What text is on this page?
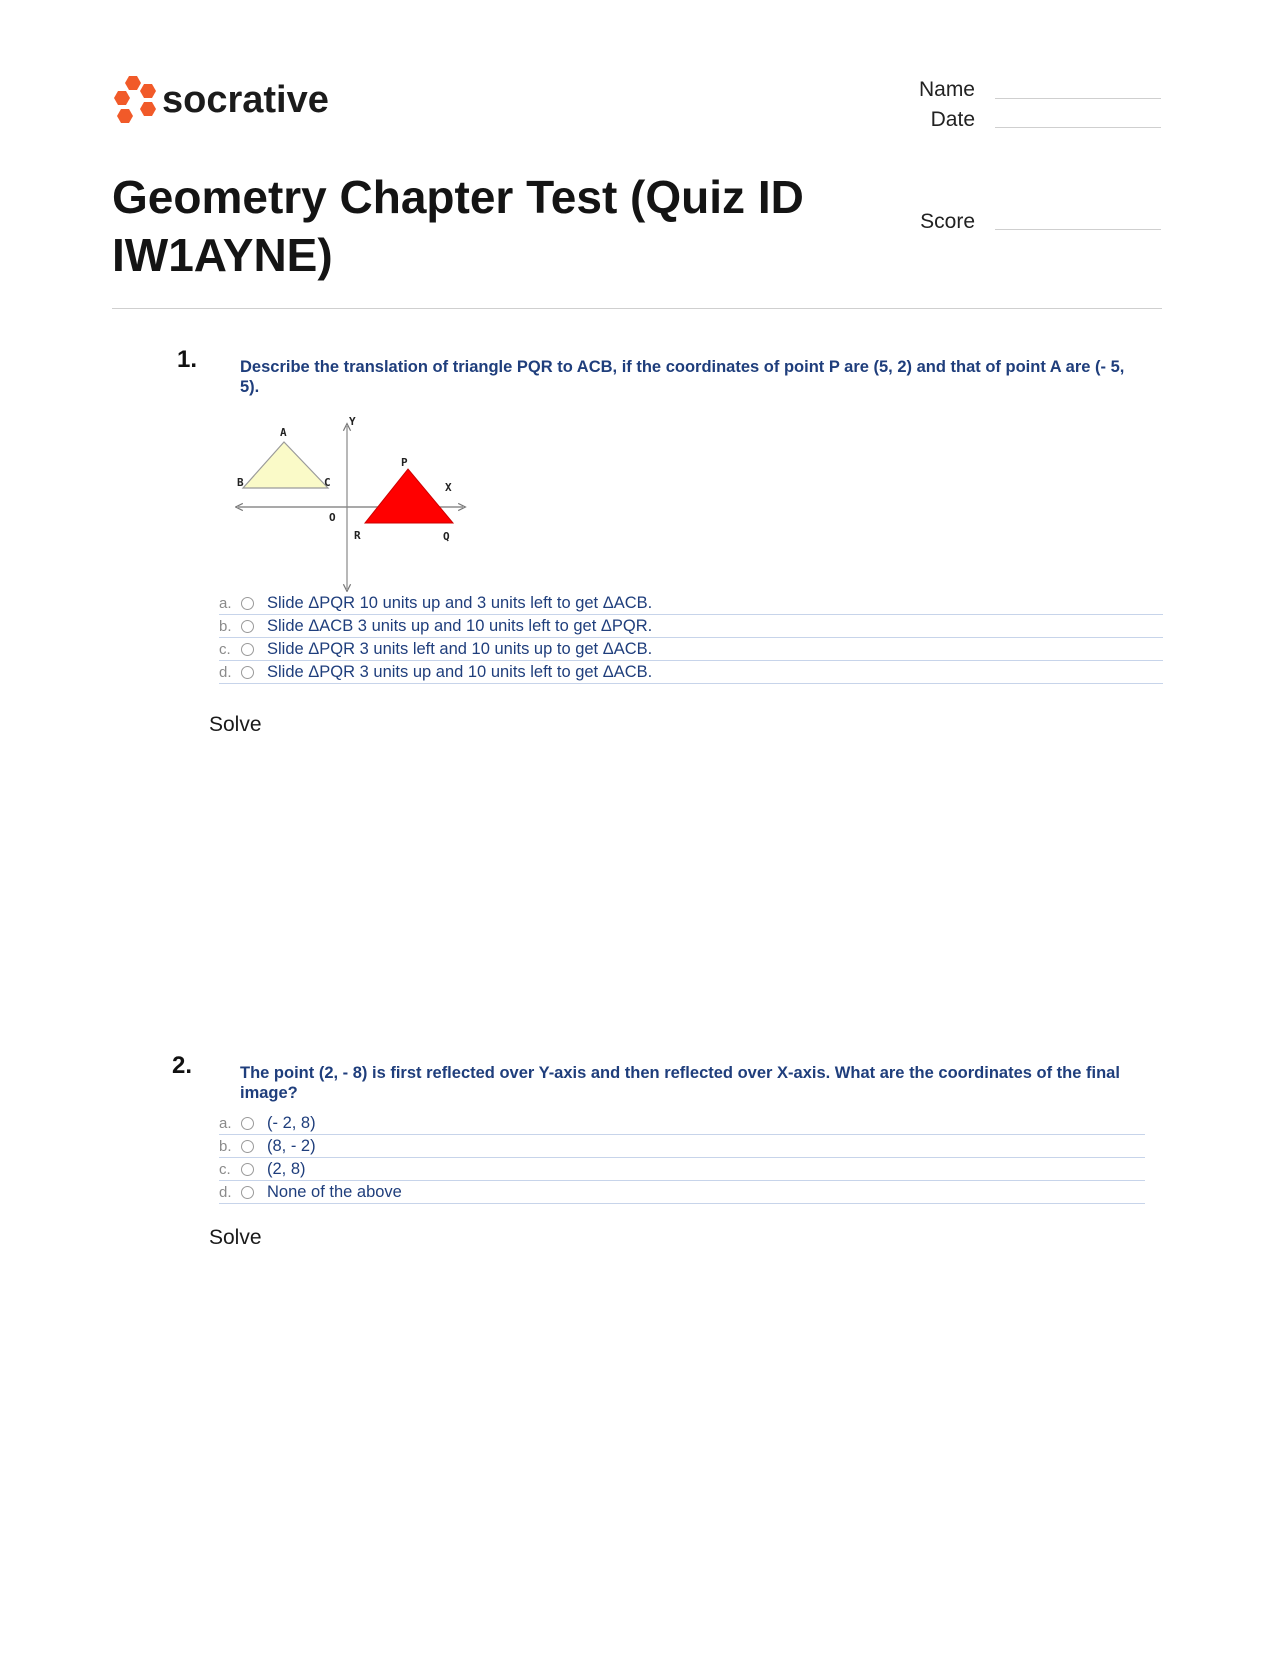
socrative	Name
Date
Score
Geometry Chapter Test (Quiz ID IW1AYNE)
1.	Describe the translation of triangle PQR to ACB, if the coordinates of point P are (5, 2) and that of point A are (- 5, 5).
A
B	C
Y
O
P
X
R	Q
a.	Slide ΔPQR 10 units up and 3 units left to get ΔACB.
b.	Slide ΔACB 3 units up and 10 units left to get ΔPQR.
c.	Slide ΔPQR 3 units left and 10 units up to get ΔACB.
d.	Slide ΔPQR 3 units up and 10 units left to get ΔACB.
Solve
2.	The point (2, - 8) is first reflected over Y-axis and then reflected over X-axis. What are the coordinates of the final image?
a.	(- 2, 8)
b.	(8, - 2)
c.	(2, 8)
d.	None of the above
Solve
